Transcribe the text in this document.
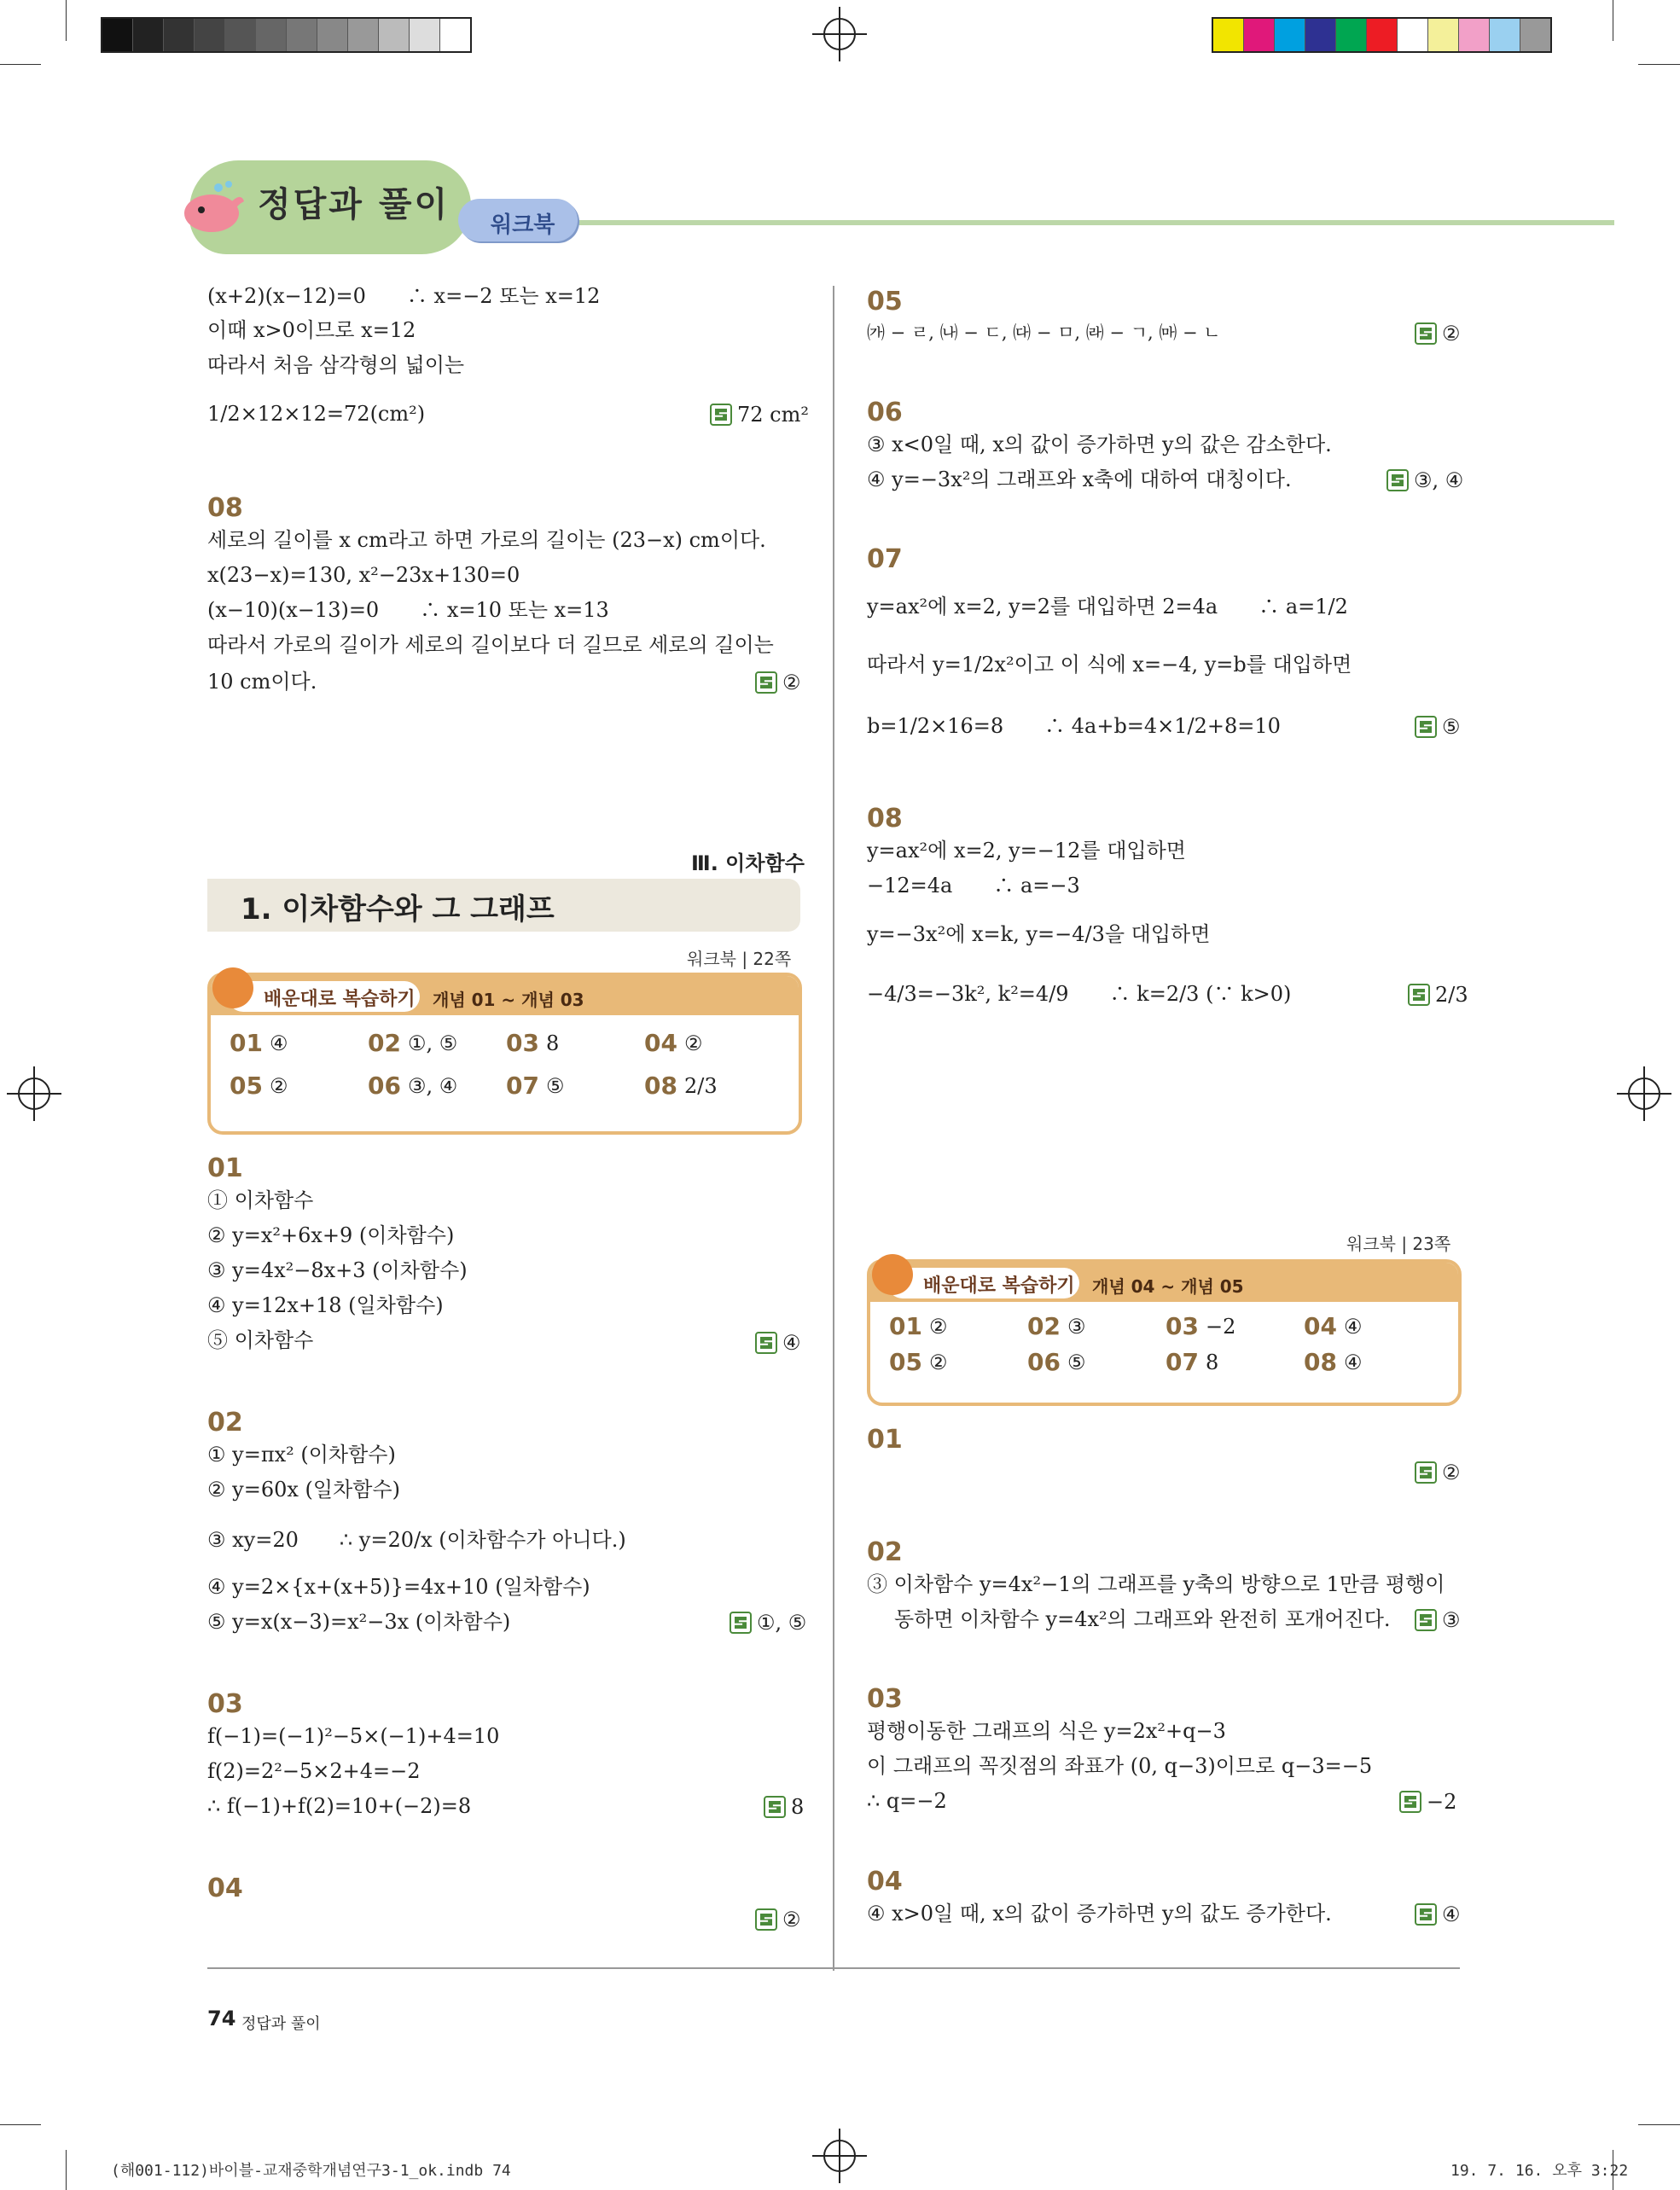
정답과 풀이
워크북
(x+2)(x−12)=0　　∴ x=−2 또는 x=12
이때 x>0이므로 x=12
따라서 처음 삼각형의 넓이는
1/2×12×12=72(cm²)	72 cm²
08
세로의 길이를 x cm라고 하면 가로의 길이는 (23−x) cm이다.
x(23−x)=130, x²−23x+130=0
(x−10)(x−13)=0　　∴ x=10 또는 x=13
따라서 가로의 길이가 세로의 길이보다 더 길므로 세로의 길이는
10 cm이다.	②
Ⅲ. 이차함수
1. 이차함수와 그 그래프
워크북 | 22쪽
배운대로 복습하기 개념 01 ~ 개념 03
01 ④	02 ①, ⑤ 03 8	04 ②
05 ②	06 ③, ④ 07 ⑤	08 2/3
01
① 이차함수
② y=x²+6x+9 (이차함수)
③ y=4x²−8x+3 (이차함수)
④ y=12x+18 (일차함수)
⑤ 이차함수	④
02
① y=πx² (이차함수)
② y=60x (일차함수)
③ xy=20　　∴ y=20/x (이차함수가 아니다.)
④ y=2×{x+(x+5)}=4x+10 (일차함수)
⑤ y=x(x−3)=x²−3x (이차함수)	①, ⑤
03
f(−1)=(−1)²−5×(−1)+4=10
f(2)=2²−5×2+4=−2
∴ f(−1)+f(2)=10+(−2)=8	8
04
②
05
㈎ − ㄹ, ㈏ − ㄷ, ㈐ − ㅁ, ㈑ − ㄱ, ㈒ − ㄴ	②
06
③ x<0일 때, x의 값이 증가하면 y의 값은 감소한다.
④ y=−3x²의 그래프와 x축에 대하여 대칭이다.	③, ④
07
y=ax²에 x=2, y=2를 대입하면 2=4a　　∴ a=1/2
따라서 y=1/2x²이고 이 식에 x=−4, y=b를 대입하면
b=1/2×16=8　　∴ 4a+b=4×1/2+8=10	⑤
08
y=ax²에 x=2, y=−12를 대입하면
−12=4a　　∴ a=−3
y=−3x²에 x=k, y=−4/3을 대입하면
−4/3=−3k², k²=4/9　　∴ k=2/3 (∵ k>0)	2/3
워크북 | 23쪽
배운대로 복습하기 개념 04 ~ 개념 05
01 ②	02 ③	03 −2	04 ④
05 ②	06 ⑤	07 8	08 ④
01
②
02
③ 이차함수 y=4x²−1의 그래프를 y축의 방향으로 1만큼 평행이
동하면 이차함수 y=4x²의 그래프와 완전히 포개어진다.	③
03
평행이동한 그래프의 식은 y=2x²+q−3
이 그래프의 꼭짓점의 좌표가 (0, q−3)이므로 q−3=−5
∴ q=−2	−2
04
④ x>0일 때, x의 값이 증가하면 y의 값도 증가한다.	④
74 정답과 풀이
(해001-112)바이블-교재중학개념연구3-1_ok.indb 74	19. 7. 16. 오후 3:22
